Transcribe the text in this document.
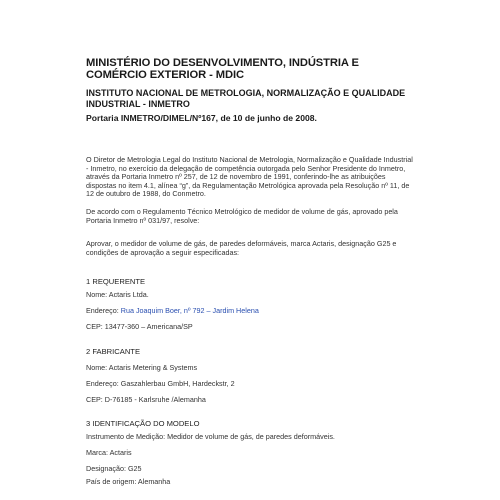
MINISTÉRIO DO DESENVOLVIMENTO, INDÚSTRIA E COMÉRCIO EXTERIOR - MDIC

INSTITUTO NACIONAL DE METROLOGIA, NORMALIZAÇÃO E QUALIDADE INDUSTRIAL - INMETRO

Portaria INMETRO/DIMEL/Nº167, de 10 de junho de 2008.

O Diretor de Metrologia Legal do Instituto Nacional de Metrologia, Normalização e Qualidade Industrial - Inmetro, no exercício da delegação de competência outorgada pelo Senhor Presidente do Inmetro, através da Portaria Inmetro nº 257, de 12 de novembro de 1991, conferindo-lhe as atribuições dispostas no item 4.1, alínea “g”, da Regulamentação Metrológica aprovada pela Resolução nº 11, de 12 de outubro de 1988, do Conmetro.

De acordo com o Regulamento Técnico Metrológico de medidor de volume de gás, aprovado pela Portaria Inmetro nº 031/97, resolve:

Aprovar, o medidor de volume de gás, de paredes deformáveis, marca Actaris, designação G25 e condições de aprovação a seguir especificadas:

1 REQUERENTE

Nome: Actaris Ltda.

Endereço: Rua Joaquim Boer, nº 792 – Jardim Helena

CEP: 13477-360 – Americana/SP

2 FABRICANTE

Nome: Actaris Metering & Systems

Endereço: Gaszahlerbau GmbH, Hardeckstr, 2

CEP: D-76185 - Karlsruhe /Alemanha

3 IDENTIFICAÇÃO DO MODELO

Instrumento de Medição: Medidor de volume de gás, de paredes deformáveis.

Marca: Actaris

Designação: G25

País de origem: Alemanha
